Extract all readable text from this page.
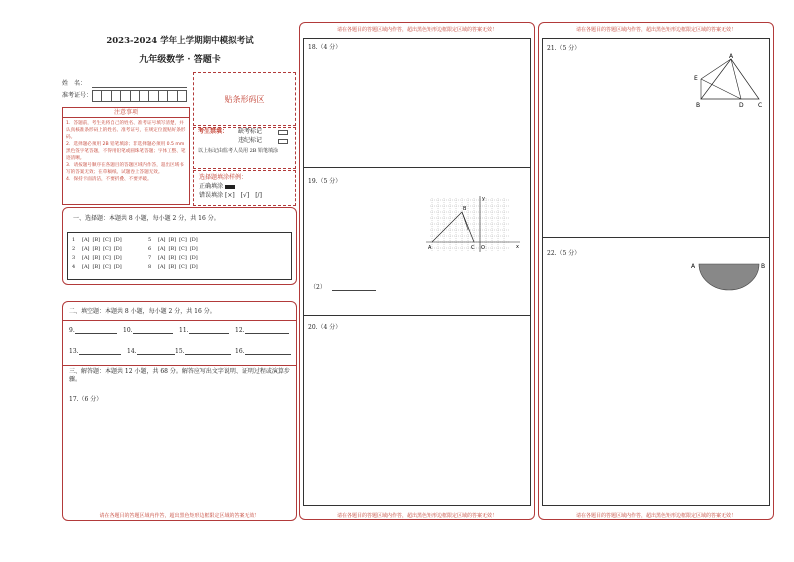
2023-2024 学年上学期期中模拟考试
九年级数学 · 答题卡
姓　名：
准考证号：	贴条形码区
注意事项
1．答题前，考生先将自己的姓名、准考证号填写清楚，并认真核准条形码上的姓名、准考证号，在规定位置贴好条形码。
2．选择题必须用 2B 铅笔填涂；非选择题必须用 0.5 mm 黑色签字笔答题，不得用铅笔或圆珠笔答题；字体工整、笔迹清晰。
3．请按题号顺序在各题目的答题区域内作答，超出区域书写的答案无效；在草稿纸、试题卷上答题无效。
4．保持卡面清洁，不要折叠、不要弄破。
考生禁填： 缺考标记
违纪标记
以上标记由监考人员用 2B 铅笔填涂
选择题填涂样例：
正确填涂
错误填涂 [×]　[√]　[/]
一、选择题：本题共 8 小题，每小题 2 分，共 16 分。
1	[A] [B] [C] [D]
2	[A] [B] [C] [D]
3	[A] [B] [C] [D]
4	[A] [B] [C] [D]
5	[A] [B] [C] [D]
6	[A] [B] [C] [D]
7	[A] [B] [C] [D]
8	[A] [B] [C] [D]
二、填空题：本题共 8 小题，每小题 2 分，共 16 分。
9.	10.	11.	12.
13.	14.	15.	16.
三、解答题：本题共 12 小题，共 68 分。解答应写出文字说明、证明过程或演算步骤。
17.（6 分）
请在各题目的答题区域内作答，超出黑色矩形边框限定区域的答案无效！
请在各题目的答题区域内作答，超出黑色矩形边框限定区域的答案无效！
18.（4 分）
19.（5 分）
y
B
A	C O	x
（2）
20.（4 分）
请在各题目的答题区域内作答，超出黑色矩形边框限定区域的答案无效！
请在各题目的答题区域内作答，超出黑色矩形边框限定区域的答案无效！
21.（5 分）
A
E
B	D C
22.（5 分）
A	B
请在各题目的答题区域内作答，超出黑色矩形边框限定区域的答案无效！
